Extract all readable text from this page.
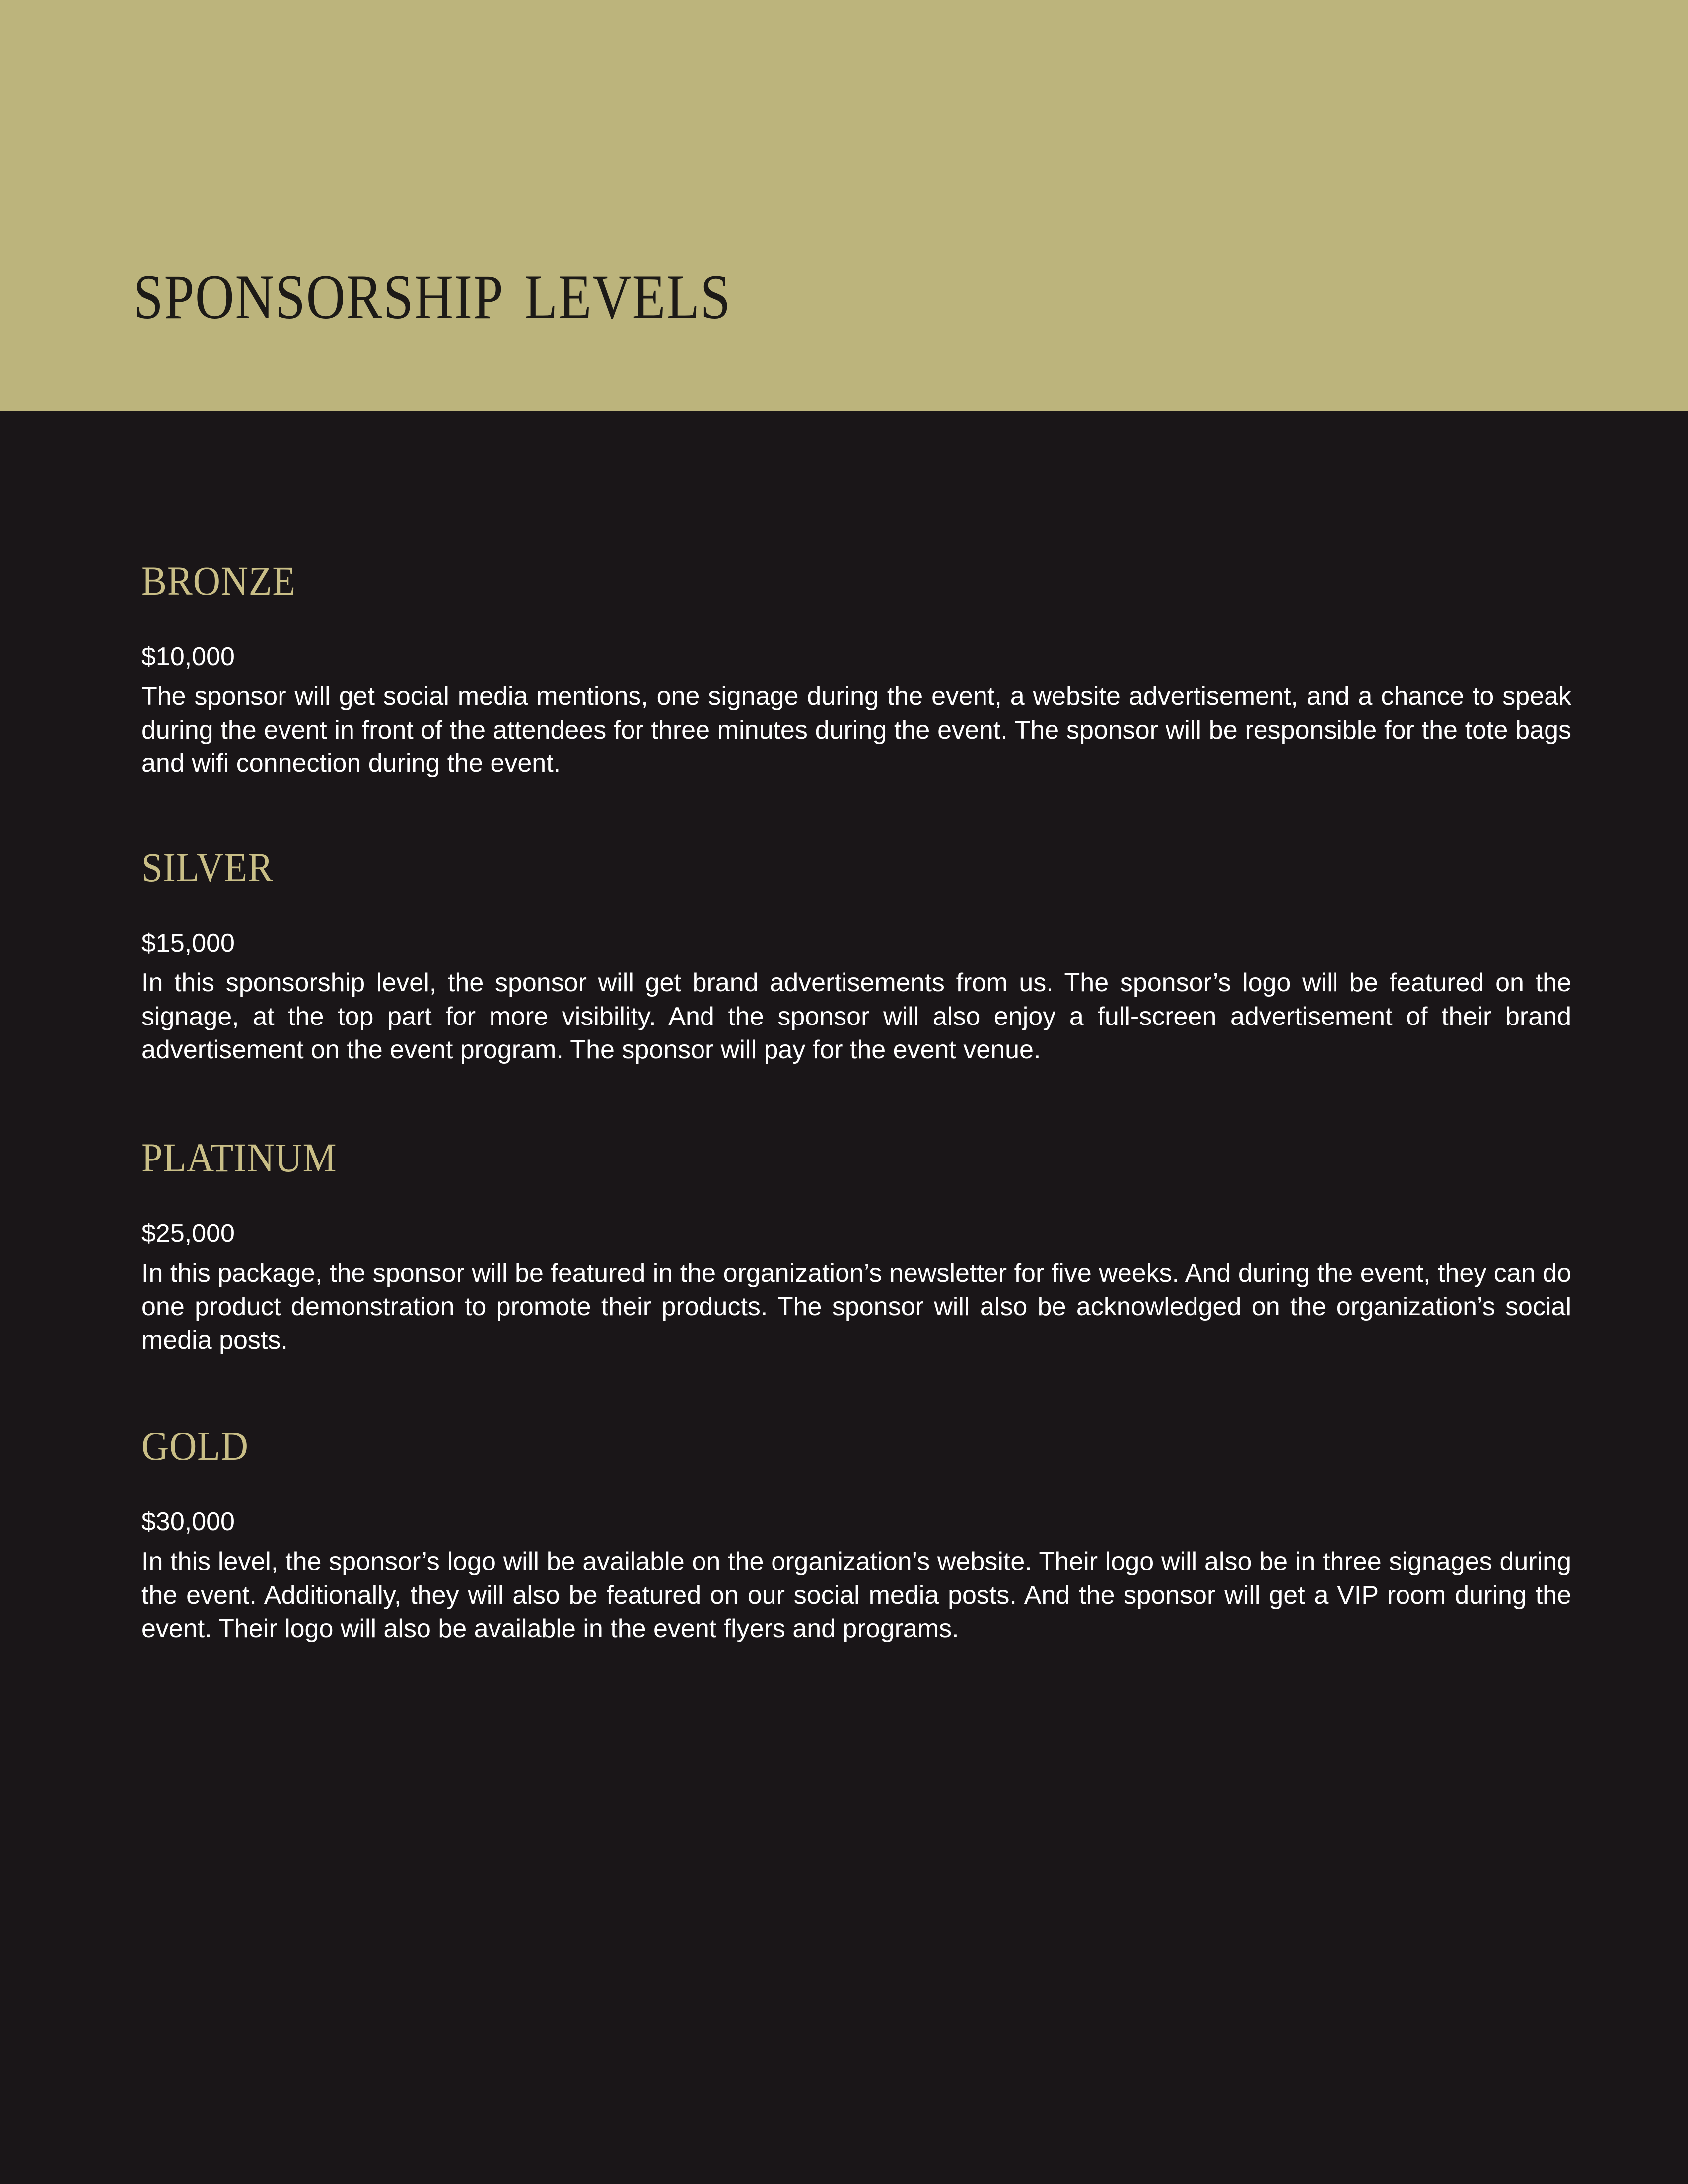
sponsorship levels
bronze

$10,000

The sponsor will get social media mentions, one signage during the event, a website advertisement, and a chance to speak during the event in front of the attendees for three minutes during the event. The sponsor will be responsible for the tote bags and wifi connection during the event.

silver

$15,000

In this sponsorship level, the sponsor will get brand advertisements from us. The sponsor’s logo will be featured on the signage, at the top part for more visibility. And the sponsor will also enjoy a full-screen advertisement of their brand advertisement on the event program. The sponsor will pay for the event venue.

platinum

$25,000

In this package, the sponsor will be featured in the organization’s newsletter for five weeks. And during the event, they can do one product demonstration to promote their products. The sponsor will also be acknowledged on the organization’s social media posts.

gold

$30,000

In this level, the sponsor’s logo will be available on the organization’s website. Their logo will also be in three signages during the event. Additionally, they will also be featured on our social media posts. And the sponsor will get a VIP room during the event. Their logo will also be available in the event flyers and programs.
